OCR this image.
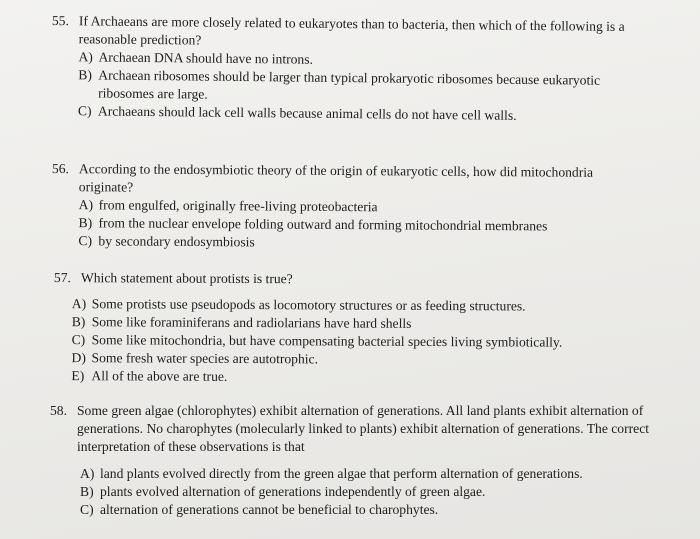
55. If Archaeans are more closely related to eukaryotes than to bacteria, then which of the following is a reasonable prediction?
A) Archaean DNA should have no introns.
B) Archaean ribosomes should be larger than typical prokaryotic ribosomes because eukaryotic ribosomes are large.
C) Archaeans should lack cell walls because animal cells do not have cell walls.
56. According to the endosymbiotic theory of the origin of eukaryotic cells, how did mitochondria originate?
A) from engulfed, originally free-living proteobacteria
B) from the nuclear envelope folding outward and forming mitochondrial membranes
C) by secondary endosymbiosis
57. Which statement about protists is true?
A) Some protists use pseudopods as locomotory structures or as feeding structures.
B) Some like foraminiferans and radiolarians have hard shells
C) Some like mitochondria, but have compensating bacterial species living symbiotically.
D) Some fresh water species are autotrophic.
E) All of the above are true.
58. Some green algae (chlorophytes) exhibit alternation of generations. All land plants exhibit alternation of generations. No charophytes (molecularly linked to plants) exhibit alternation of generations. The correct interpretation of these observations is that
A) land plants evolved directly from the green algae that perform alternation of generations.
B) plants evolved alternation of generations independently of green algae.
C) alternation of generations cannot be beneficial to charophytes.
